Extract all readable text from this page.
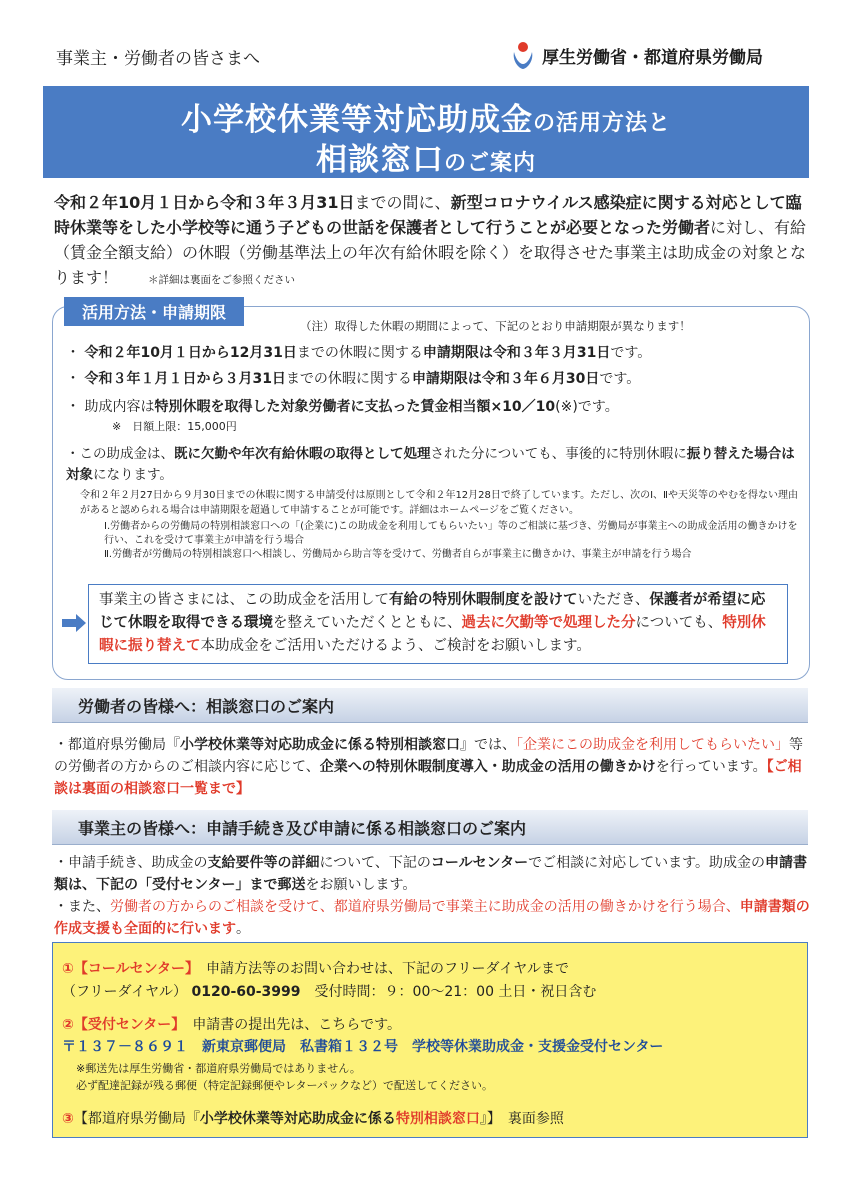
事業主・労働者の皆さまへ	厚生労働省・都道府県労働局
小学校休業等対応助成金の活用方法と
相談窓口のご案内
令和２年10月１日から令和３年３月31日までの間に、新型コロナウイルス感染症に関する対応として臨時休業等をした小学校等に通う子どもの世話を保護者として行うことが必要となった労働者に対し、有給（賃金全額支給）の休暇（労働基準法上の年次有給休暇を除く）を取得させた事業主は助成金の対象となります！	＊詳細は裏面をご参照ください
活用方法・申請期限
（注）取得した休暇の期間によって、下記のとおり申請期限が異なります！
・ 令和２年10月１日から12月31日までの休暇に関する申請期限は令和３年３月31日です。
・ 令和３年１月１日から３月31日までの休暇に関する申請期限は令和３年６月30日です。
・ 助成内容は特別休暇を取得した対象労働者に支払った賃金相当額×10／10(※)です。
※　日額上限：15,000円
・この助成金は、既に欠勤や年次有給休暇の取得として処理された分についても、事後的に特別休暇に振り替えた場合は対象になります。
令和２年２月27日から９月30日までの休暇に関する申請受付は原則として令和２年12月28日で終了しています。ただし、次のⅠ、Ⅱや天災等のやむを得ない理由があると認められる場合は申請期限を超過して申請することが可能です。詳細はホームページをご覧ください。
Ⅰ.労働者からの労働局の特別相談窓口への「(企業に)この助成金を利用してもらいたい」等のご相談に基づき、労働局が事業主への助成金活用の働きかけを行い、これを受けて事業主が申請を行う場合
Ⅱ.労働者が労働局の特別相談窓口へ相談し、労働局から助言等を受けて、労働者自らが事業主に働きかけ、事業主が申請を行う場合
事業主の皆さまには、この助成金を活用して有給の特別休暇制度を設けていただき、保護者が希望に応じて休暇を取得できる環境を整えていただくとともに、過去に欠勤等で処理した分についても、特別休暇に振り替えて本助成金をご活用いただけるよう、ご検討をお願いします。
労働者の皆様へ：相談窓口のご案内
・都道府県労働局『小学校休業等対応助成金に係る特別相談窓口』では、「企業にこの助成金を利用してもらいたい」等の労働者の方からのご相談内容に応じて、企業への特別休暇制度導入・助成金の活用の働きかけを行っています。【ご相談は裏面の相談窓口一覧まで】
事業主の皆様へ：申請手続き及び申請に係る相談窓口のご案内
・申請手続き、助成金の支給要件等の詳細について、下記のコールセンターでご相談に対応しています。助成金の申請書類は、下記の「受付センター」まで郵送をお願いします。
・また、労働者の方からのご相談を受けて、都道府県労働局で事業主に助成金の活用の働きかけを行う場合、申請書類の作成支援も全面的に行います。
①【コールセンター】　 申請方法等のお問い合わせは、下記のフリーダイヤルまで
（フリーダイヤル） 0120-60-3999　 受付時間：９：00～21：00 土日・祝日含む
②【受付センター】　 申請書の提出先は、こちらです。
〒１３７－８６９１　新東京郵便局　私書箱１３２号　学校等休業助成金・支援金受付センター
※郵送先は厚生労働省・都道府県労働局ではありません。
必ず配達記録が残る郵便（特定記録郵便やレターパックなど）で配送してください。
③【都道府県労働局『小学校休業等対応助成金に係る特別相談窓口』】　 裏面参照
